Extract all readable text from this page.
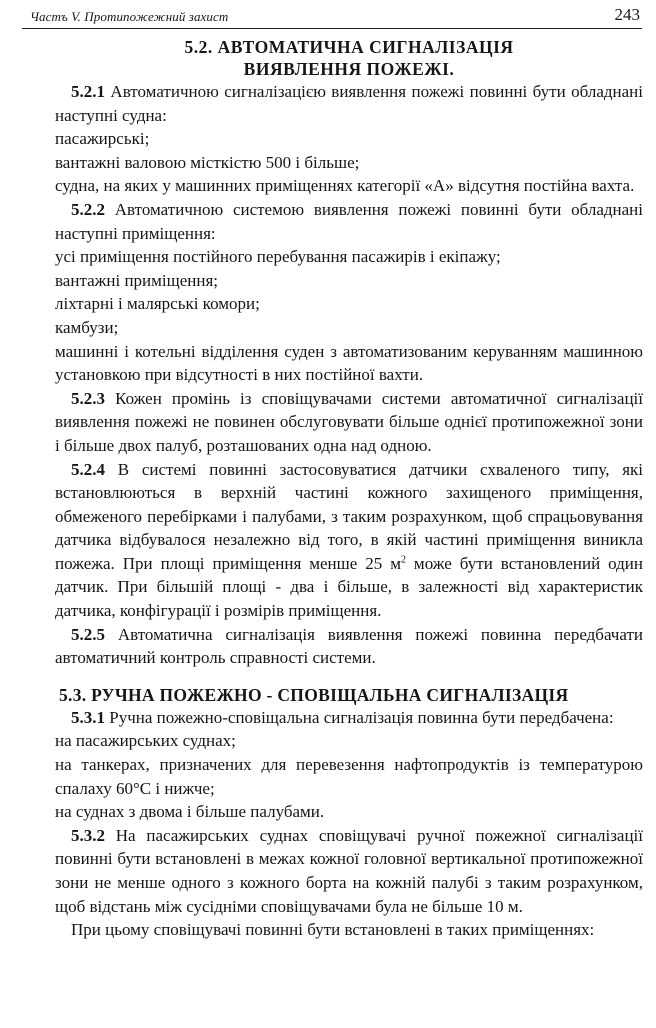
Частъ V. Протипожежний захист	243
5.2. АВТОМАТИЧНА СИГНАЛІЗАЦІЯ
ВИЯВЛЕННЯ ПОЖЕЖІ.

5.2.1 Автоматичною сигналізацією виявлення пожежі повинні бути обладнані наступні судна:

пасажирські;
вантажні валовою місткістю 500 і більше;
судна, на яких у машинних приміщеннях категорії «А» відсутня постійна вахта.

5.2.2 Автоматичною системою виявлення пожежі повинні бути обладнані наступні приміщення:

усі приміщення постійного перебування пасажирів і екіпажу;
вантажні приміщення;
ліхтарні і малярські комори;
камбузи;
машинні і котельні відділення суден з автоматизованим керуванням машинною установкою при відсутності в них постійної вахти.

5.2.3 Кожен промінь із сповіщувачами системи автоматичної сигналізації виявлення пожежі не повинен обслуговувати більше однієї протипожежної зони і більше двох палуб, розташованих одна над одною.

5.2.4 В системі повинні застосовуватися датчики схваленого типу, які встановлюються в верхній частині кожного захищеного приміщення, обмеженого перебірками і палубами, з таким розрахунком, щоб спрацьовування датчика відбувалося незалежно від того, в якій частині приміщення виникла пожежа. При площі приміщення менше 25 $м^2$ може бути встановлений один датчик. При більшій площі - два і більше, в залежності від характеристик датчика, конфігурації і розмірів приміщення.

5.2.5 Автоматична сигналізація виявлення пожежі повинна передбачати автоматичний контроль справності системи.

5.3. РУЧНА ПОЖЕЖНО - СПОВІЩАЛЬНА СИГНАЛІЗАЦІЯ

5.3.1 Ручна пожежно-сповіщальна сигналізація повинна бути передбачена:

на пасажирських суднах;
на танкерах, призначених для перевезення нафтопродуктів із температурою спалаху 60°С і нижче;
на суднах з двома і більше палубами.

5.3.2 На пасажирських суднах сповіщувачі ручної пожежної сигналізації повинні бути встановлені в межах кожної головної вертикальної протипожежної зони не менше одного з кожного борта на кожній палубі з таким розрахунком, щоб відстань між сусідніми сповіщувачами була не більше 10 м.

При цьому сповіщувачі повинні бути встановлені в таких приміщеннях:
